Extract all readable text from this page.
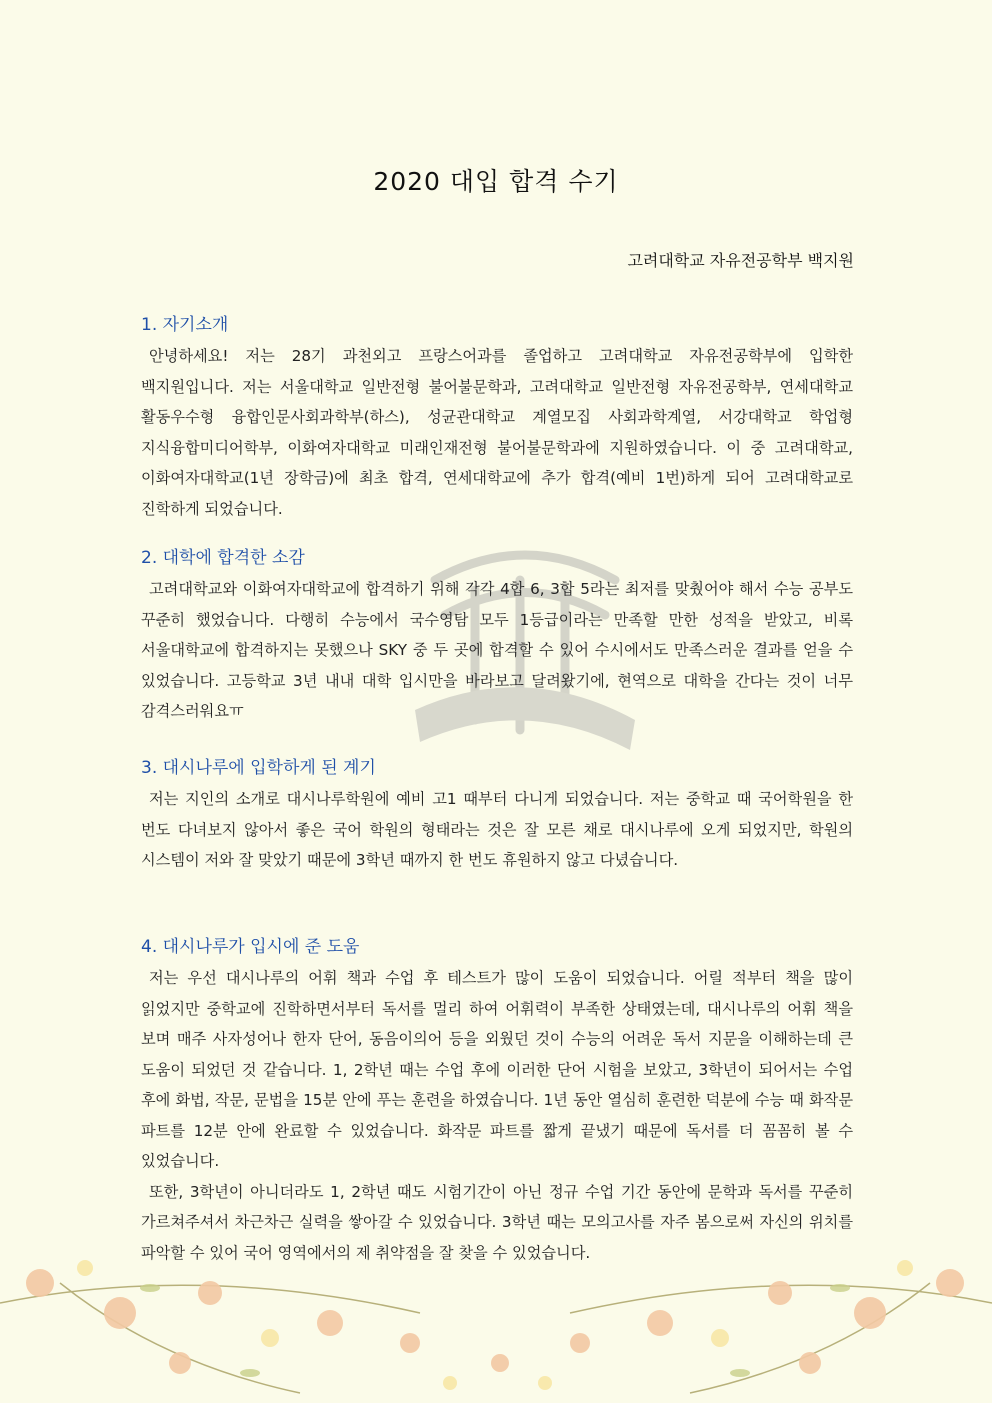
2020 대입 합격 수기
고려대학교 자유전공학부 백지원
1. 자기소개

안녕하세요! 저는 28기 과천외고 프랑스어과를 졸업하고 고려대학교 자유전공학부에 입학한 백지원입니다. 저는 서울대학교 일반전형 불어불문학과, 고려대학교 일반전형 자유전공학부, 연세대학교 활동우수형 융합인문사회과학부(하스), 성균관대학교 계열모집 사회과학계열, 서강대학교 학업형 지식융합미디어학부, 이화여자대학교 미래인재전형 불어불문학과에 지원하였습니다. 이 중 고려대학교, 이화여자대학교(1년 장학금)에 최초 합격, 연세대학교에 추가 합격(예비 1번)하게 되어 고려대학교로 진학하게 되었습니다.

2. 대학에 합격한 소감

고려대학교와 이화여자대학교에 합격하기 위해 각각 4합 6, 3합 5라는 최저를 맞췄어야 해서 수능 공부도 꾸준히 했었습니다. 다행히 수능에서 국수영탐 모두 1등급이라는 만족할 만한 성적을 받았고, 비록 서울대학교에 합격하지는 못했으나 SKY 중 두 곳에 합격할 수 있어 수시에서도 만족스러운 결과를 얻을 수 있었습니다. 고등학교 3년 내내 대학 입시만을 바라보고 달려왔기에, 현역으로 대학을 간다는 것이 너무 감격스러워요ㅠ

3. 대시나루에 입학하게 된 계기

저는 지인의 소개로 대시나루학원에 예비 고1 때부터 다니게 되었습니다. 저는 중학교 때 국어학원을 한 번도 다녀보지 않아서 좋은 국어 학원의 형태라는 것은 잘 모른 채로 대시나루에 오게 되었지만, 학원의 시스템이 저와 잘 맞았기 때문에 3학년 때까지 한 번도 휴원하지 않고 다녔습니다.

4. 대시나루가 입시에 준 도움

저는 우선 대시나루의 어휘 책과 수업 후 테스트가 많이 도움이 되었습니다. 어릴 적부터 책을 많이 읽었지만 중학교에 진학하면서부터 독서를 멀리 하여 어휘력이 부족한 상태였는데, 대시나루의 어휘 책을 보며 매주 사자성어나 한자 단어, 동음이의어 등을 외웠던 것이 수능의 어려운 독서 지문을 이해하는데 큰 도움이 되었던 것 같습니다. 1, 2학년 때는 수업 후에 이러한 단어 시험을 보았고, 3학년이 되어서는 수업 후에 화법, 작문, 문법을 15분 안에 푸는 훈련을 하였습니다. 1년 동안 열심히 훈련한 덕분에 수능 때 화작문 파트를 12분 안에 완료할 수 있었습니다. 화작문 파트를 짧게 끝냈기 때문에 독서를 더 꼼꼼히 볼 수 있었습니다.

또한, 3학년이 아니더라도 1, 2학년 때도 시험기간이 아닌 정규 수업 기간 동안에 문학과 독서를 꾸준히 가르쳐주셔서 차근차근 실력을 쌓아갈 수 있었습니다. 3학년 때는 모의고사를 자주 봄으로써 자신의 위치를 파악할 수 있어 국어 영역에서의 제 취약점을 잘 찾을 수 있었습니다.
